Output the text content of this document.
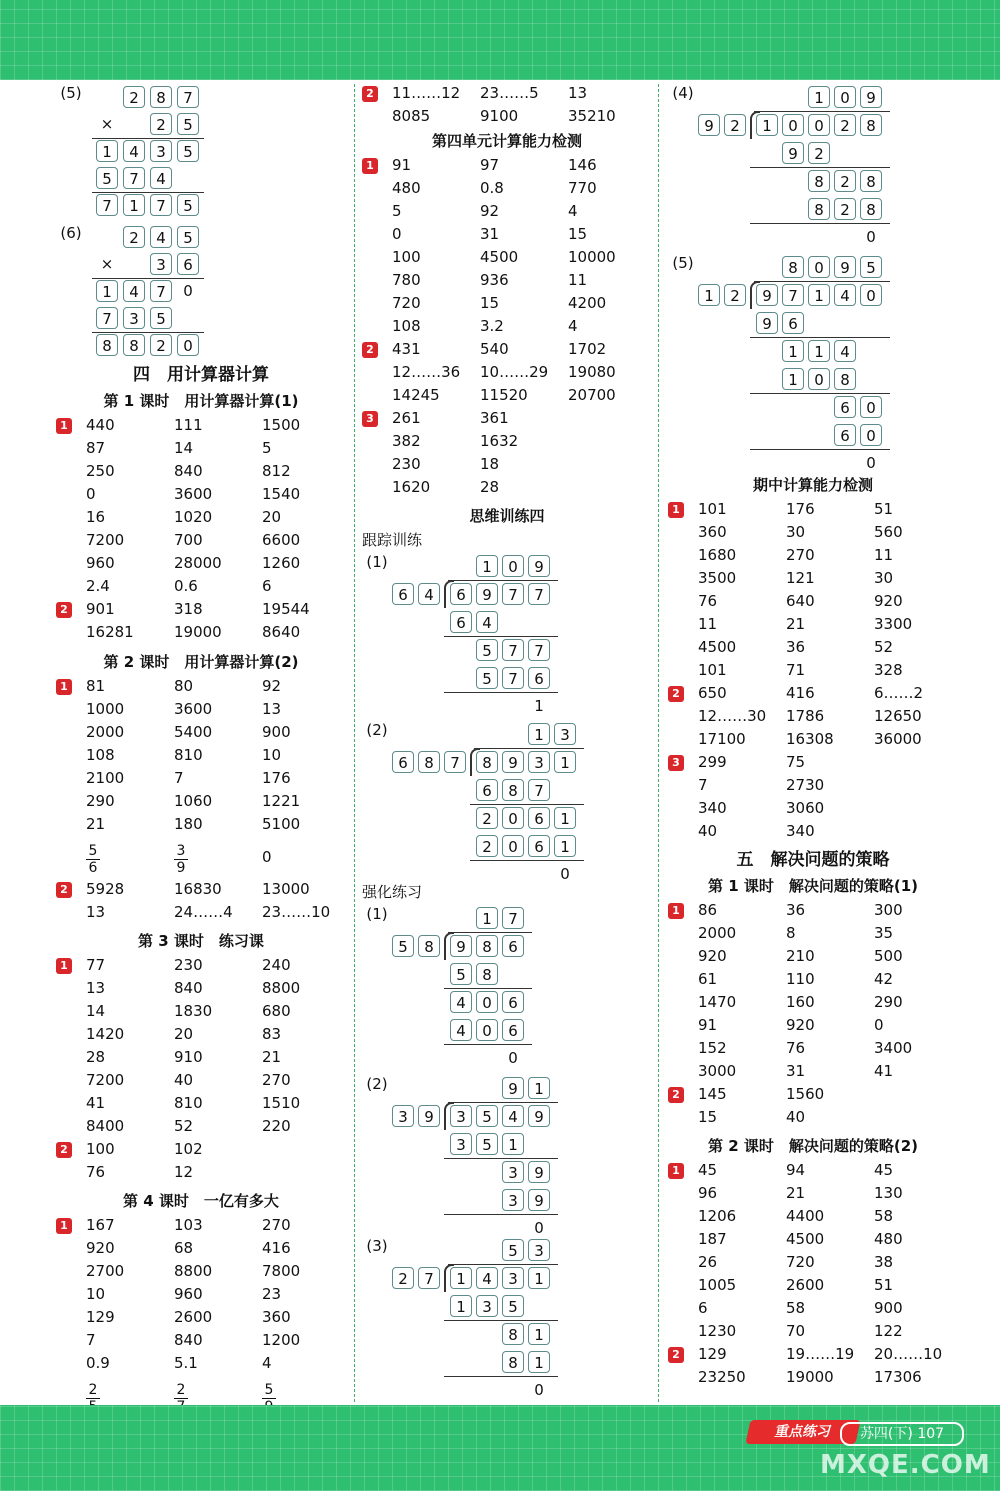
(5)	2	8	7
×	2	5
1	4	3	5
5	7	4
7	1	7	5
(6)	2	4	5
×	3	6
1	4	7	0
7	3	5
8	8	2	0
四　用计算器计算
第 1 课时　用计算器计算(1)
1 440	111	1500
87	14	5
250	840	812
0	3600	1540
16	1020	20
7200	700	6600
960	28000	1260
2.4	0.6	6
2 901	318	19544
16281	19000	8640
第 2 课时　用计算器计算(2)
1 81	80	92
1000	3600	13
2000	5400	900
108	810	10
2100	7	176
290	1060	1221
21	180	5100
$\frac{5}{6}$	$\frac{3}{9}$	0
2 5928	16830	13000
13	24……4	23……10
第 3 课时　练习课
1 77	230	240
13	840	8800
14	1830	680
1420	20	83
28	910	21
7200	40	270
41	810	1510
8400	52	220
2 100	102
76	12
第 4 课时　一亿有多大
1 167	103	270
920	68	416
2700	8800	7800
10	960	23
129	2600	360
7	840	1200
0.9	5.1	4
2	2	5
2 11……12	23……5	13
8085	9100	35210
第四单元计算能力检测
1 91	97	146
480	0.8	770
5	92	4
0	31	15
100	4500	10000
780	936	11
720	15	4200
108	3.2	4
2 431	540	1702
12……36	10……29	19080
14245	11520	20700
3 261	361
382	1632
230	18
1620	28
思维训练四
跟踪训练
(1)	1	0	9
6	4	6	9	7	7
6	4
5	7	7
5	7	6
1
(2)	1	3
6	8	7	8	9	3	1
6	8	7
2	0	6	1
2	0	6	1
0
强化练习
(1)	1	7
5	8	9	8	6
5	8
4	0	6
4	0	6
0
(2)	9	1
3	9	3	5	4	9
3	5	1
3	9
3	9
0
(3)	5	3
2	7	1	4	3	1
1	3	5
8	1
8	1
0
(4)	1	0	9
9	2	1	0	0	2	8
9	2
8	2	8
8	2	8
0
(5)	8	0	9	5
1	2	9	7	1	4	0
9	6
1	1	4
1	0	8
6	0
6	0
0
期中计算能力检测
1 101	176	51
360	30	560
1680	270	11
3500	121	30
76	640	920
11	21	3300
4500	36	52
101	71	328
2 650	416	6……2
12……30	1786	12650
17100	16308	36000
3 299	75
7	2730
340	3060
40	340
五　解决问题的策略
第 1 课时　解决问题的策略(1)
1 86	36	300
2000	8	35
920	210	500
61	110	42
1470	160	290
91	920	0
152	76	3400
3000	31	41
2 145	1560
15	40
第 2 课时　解决问题的策略(2)
1 45	94	45
96	21	130
1206	4400	58
187	4500	480
26	720	38
1005	2600	51
6	58	900
1230	70	122
2 129	19……19	20……10
23250	19000	17306
重点练习	苏四(下) 107
MXQE.COM
